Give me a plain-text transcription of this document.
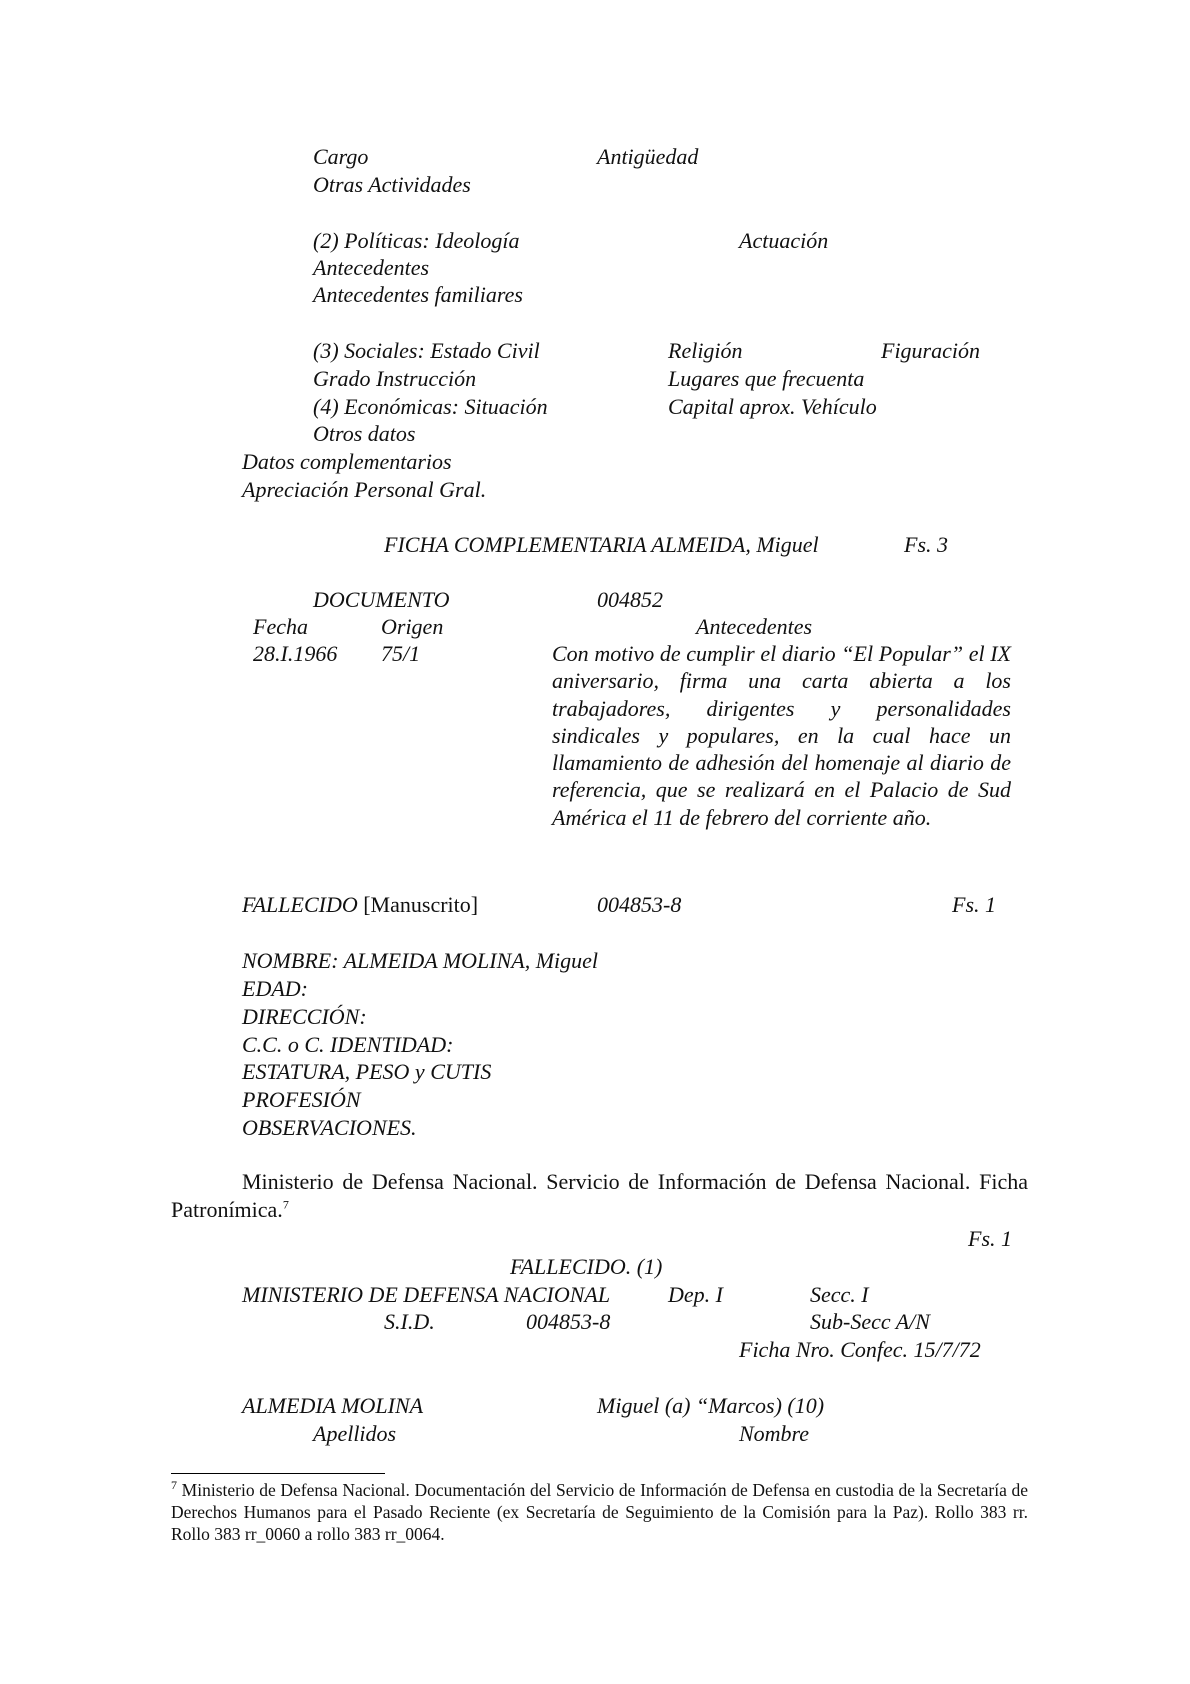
Cargo	Antigüedad
Otras Actividades
(2) Políticas: Ideología	Actuación
Antecedentes
Antecedentes familiares
(3) Sociales: Estado Civil	Religión	Figuración
Grado Instrucción	Lugares que frecuenta
(4) Económicas: Situación	Capital aprox. Vehículo
Otros datos
Datos complementarios
Apreciación Personal Gral.
FICHA COMPLEMENTARIA ALMEIDA, Miguel	Fs. 3
DOCUMENTO	004852
Fecha	Origen	Antecedentes
28.I.1966 75/1	Con motivo de cumplir el diario “El Popular” el IX aniversario, firma una carta abierta a los trabajadores, dirigentes y personalidades sindicales y populares, en la cual hace un llamamiento de adhesión del homenaje al diario de referencia, que se realizará en el Palacio de Sud América el 11 de febrero del corriente año.
FALLECIDO [Manuscrito]	004853-8	Fs. 1
NOMBRE: ALMEIDA MOLINA, Miguel
EDAD:
DIRECCIÓN:
C.C. o C. IDENTIDAD:
ESTATURA, PESO y CUTIS
PROFESIÓN
OBSERVACIONES.
Ministerio de Defensa Nacional. Servicio de Información de Defensa Nacional. Ficha Patronímica.$^7$
Fs. 1
FALLECIDO. (1)
MINISTERIO DE DEFENSA NACIONAL	Dep. I	Secc. I
S.I.D.	004853-8	Sub-Secc A/N
Ficha Nro. Confec. 15/7/72
ALMEDIA MOLINA	Miguel (a) “Marcos) (10)
Apellidos	Nombre
$^7$ Ministerio de Defensa Nacional. Documentación del Servicio de Información de Defensa en custodia de la Secretaría de Derechos Humanos para el Pasado Reciente (ex Secretaría de Seguimiento de la Comisión para la Paz). Rollo 383 rr. Rollo 383 rr_0060 a rollo 383 rr_0064.
